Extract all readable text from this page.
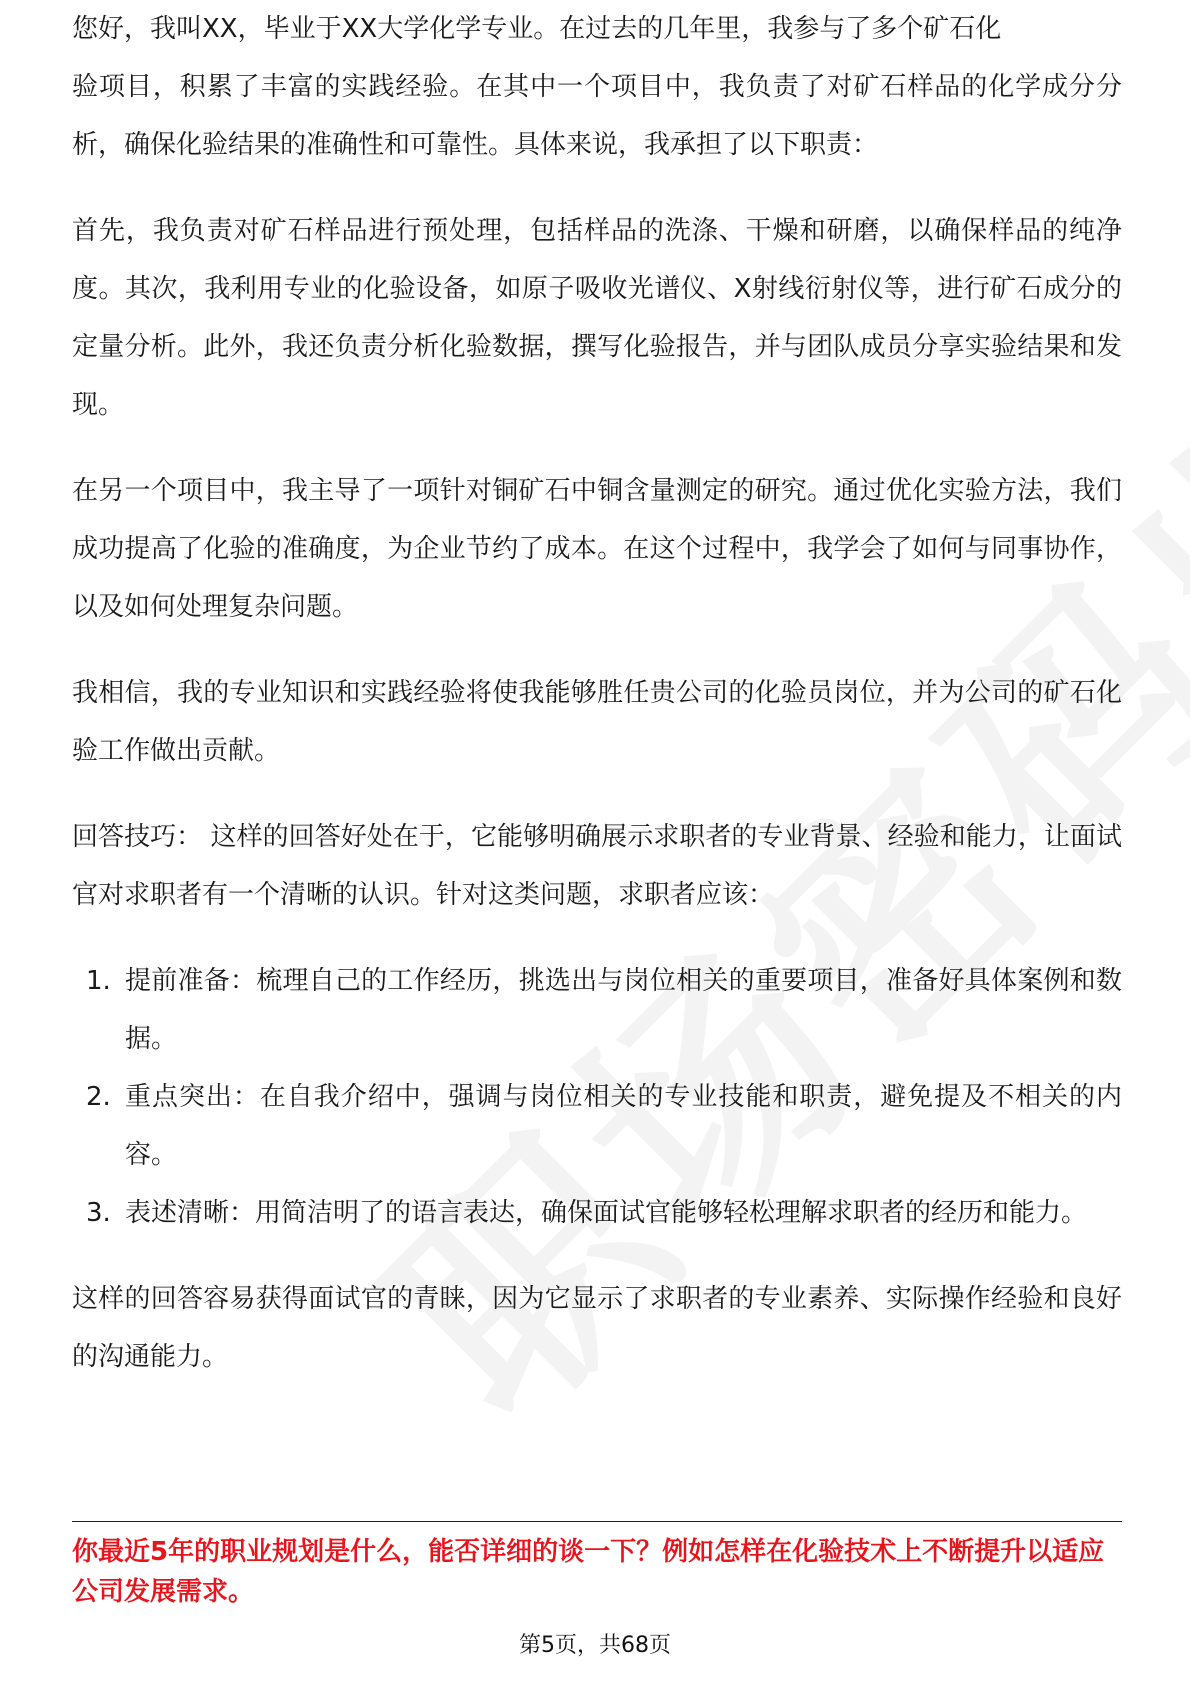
您好，我叫XX，毕业于XX大学化学专业。在过去的几年里，我参与了多个矿石化

验项目，积累了丰富的实践经验。在其中一个项目中，我负责了对矿石样品的化学成分分析，确保化验结果的准确性和可靠性。具体来说，我承担了以下职责：

首先，我负责对矿石样品进行预处理，包括样品的洗涤、干燥和研磨，以确保样品的纯净度。其次，我利用专业的化验设备，如原子吸收光谱仪、X射线衍射仪等，进行矿石成分的定量分析。此外，我还负责分析化验数据，撰写化验报告，并与团队成员分享实验结果和发现。

在另一个项目中，我主导了一项针对铜矿石中铜含量测定的研究。通过优化实验方法，我们成功提高了化验的准确度，为企业节约了成本。在这个过程中，我学会了如何与同事协作，以及如何处理复杂问题。

我相信，我的专业知识和实践经验将使我能够胜任贵公司的化验员岗位，并为公司的矿石化验工作做出贡献。

回答技巧： 这样的回答好处在于，它能够明确展示求职者的专业背景、经验和能力，让面试官对求职者有一个清晰的认识。针对这类问题，求职者应该：

1. 提前准备：梳理自己的工作经历，挑选出与岗位相关的重要项目，准备好具体案例和数据。
2. 重点突出：在自我介绍中，强调与岗位相关的专业技能和职责，避免提及不相关的内容。
3. 表述清晰：用简洁明了的语言表达，确保面试官能够轻松理解求职者的经历和能力。

这样的回答容易获得面试官的青睐，因为它显示了求职者的专业素养、实际操作经验和良好的沟通能力。

你最近5年的职业规划是什么，能否详细的谈一下？例如怎样在化验技术上不断提升以适应公司发展需求。

第5页，共68页
